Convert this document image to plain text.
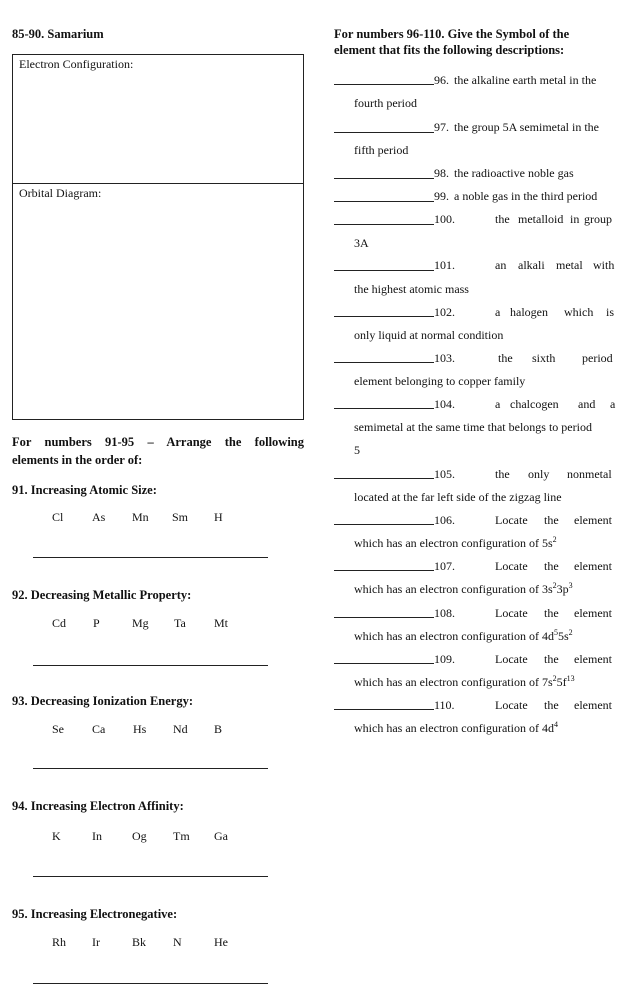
85-90. Samarium
Electron Configuration:
Orbital Diagram:
For numbers 91-95 – Arrange the following
elements in the order of:
91. Increasing Atomic Size:
Cl As Mn Sm H
92. Decreasing Metallic Property:
Cd P	Mg Ta Mt
93. Decreasing Ionization Energy:
Se Ca Hs Nd B
94. Increasing Electron Affinity:
K	In	Og Tm Ga
95. Increasing Electronegative:
Rh Ir	Bk N	He
For numbers 96-110. Give the Symbol of the
element that fits the following descriptions:
96. the alkaline earth metal in the
fourth period
97. the group 5A semimetal in the
fifth period
98. the radioactive noble gas
99. a noble gas in the third period
100.	the metalloid in group
3A
101.	an alkali metal with
the highest atomic mass
102.	a halogen which is
only liquid at normal condition
103.	the sixth period
element belonging to copper family
104.	a chalcogen and a
semimetal at the same time that belongs to period
5
105.	the only nonmetal
located at the far left side of the zigzag line
106.	Locate the element
which has an electron configuration of $5s^2$
107.	Locate the element
which has an electron configuration of $3s^23p^3$
108.	Locate the element
which has an electron configuration of $4d^55s^2$
109.	Locate the element
which has an electron configuration of $7s^25f^{13}$
110.	Locate the element
which has an electron configuration of $4d^4$
